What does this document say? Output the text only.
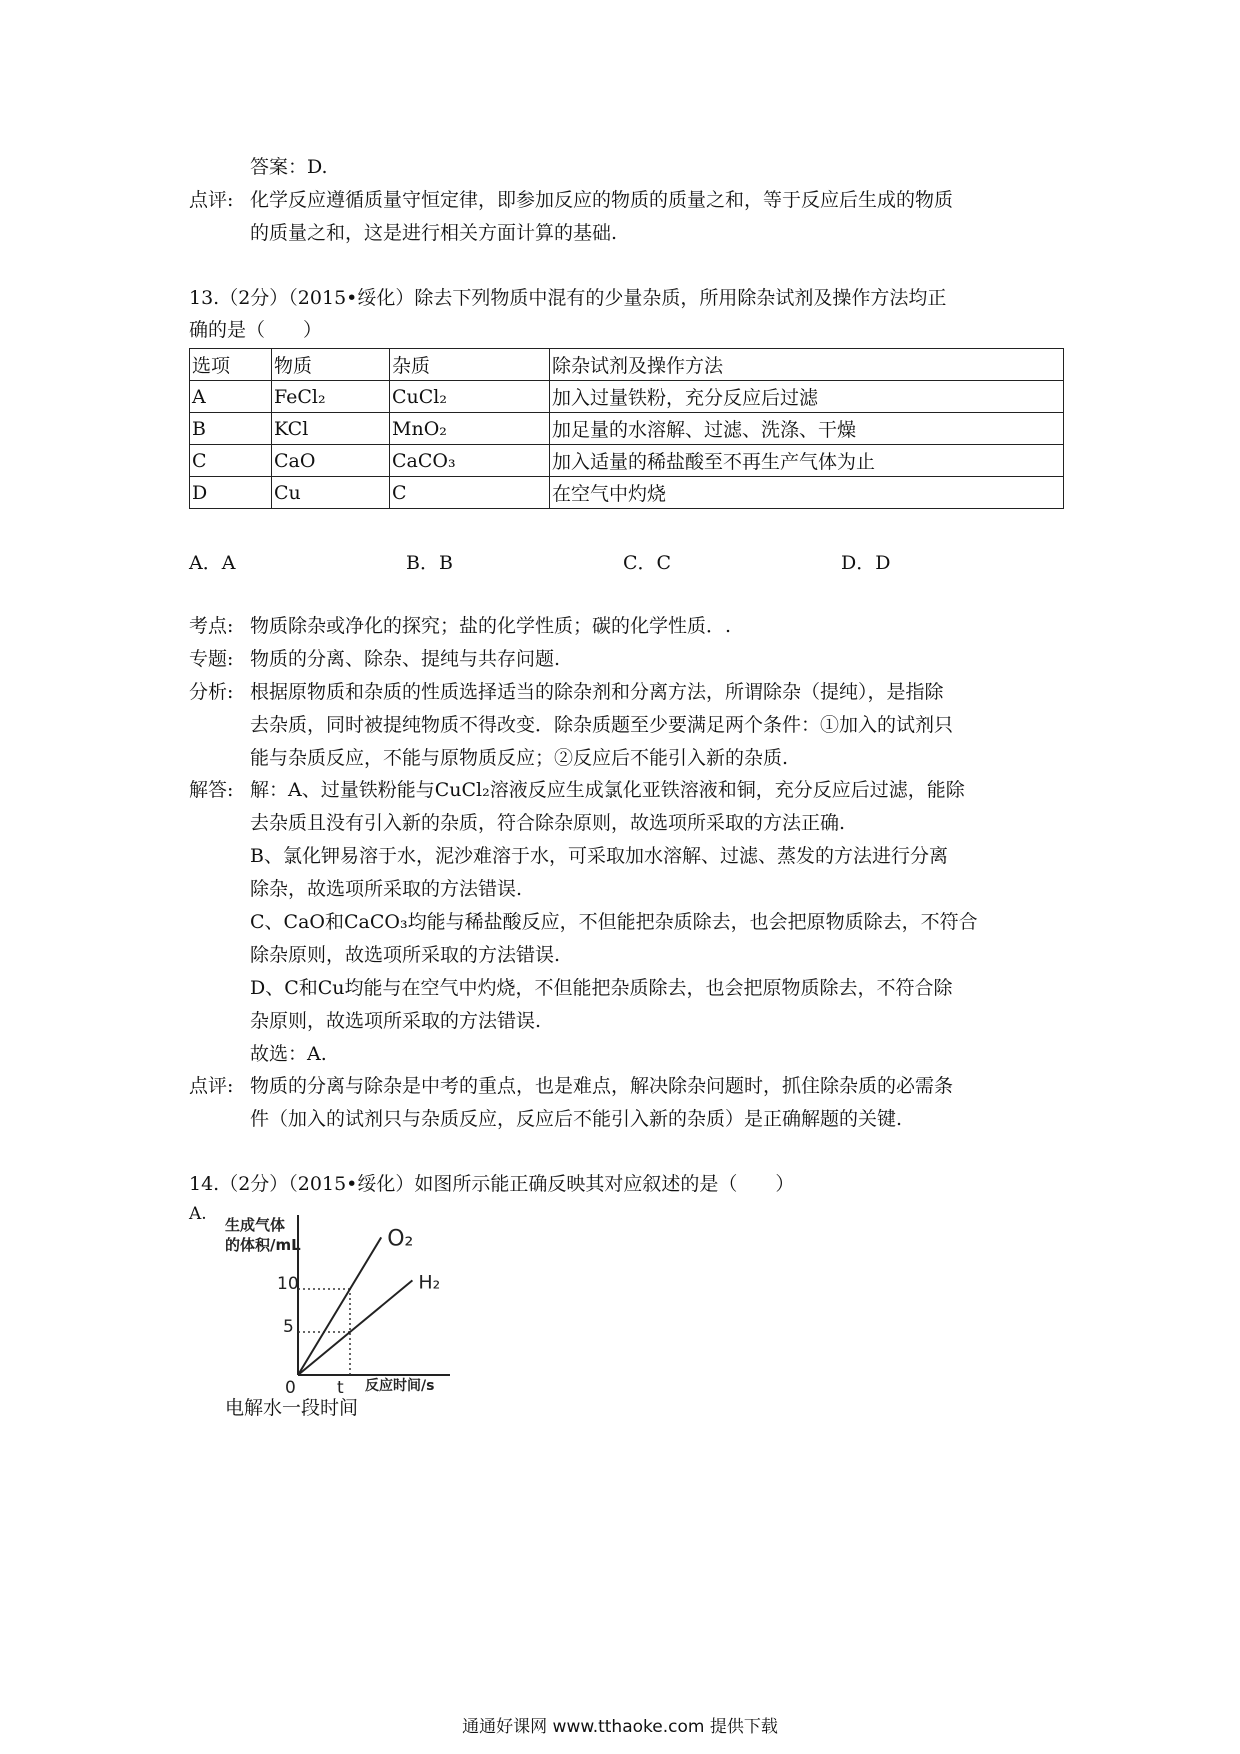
答案：D.
点评: 化学反应遵循质量守恒定律，即参加反应的物质的质量之和，等于反应后生成的物质
的质量之和，这是进行相关方面计算的基础.
13.（2分）（2015•绥化）除去下列物质中混有的少量杂质，所用除杂试剂及操作方法均正
确的是（　　）
选项	物质	杂质	除杂试剂及操作方法
A	FeCl₂	CuCl₂	加入过量铁粉，充分反应后过滤
B	KCl	MnO₂	加足量的水溶解、过滤、洗涤、干燥
C	CaO	CaCO₃	加入适量的稀盐酸至不再生产气体为止
D	Cu	C	在空气中灼烧
A．A	B．B	C．C	D．D
考点: 物质除杂或净化的探究；盐的化学性质；碳的化学性质．.
专题: 物质的分离、除杂、提纯与共存问题.
分析: 根据原物质和杂质的性质选择适当的除杂剂和分离方法，所谓除杂（提纯），是指除
去杂质，同时被提纯物质不得改变．除杂质题至少要满足两个条件：①加入的试剂只
能与杂质反应，不能与原物质反应；②反应后不能引入新的杂质.
解答: 解：A、过量铁粉能与CuCl₂溶液反应生成氯化亚铁溶液和铜，充分反应后过滤，能除
去杂质且没有引入新的杂质，符合除杂原则，故选项所采取的方法正确.
B、氯化钾易溶于水，泥沙难溶于水，可采取加水溶解、过滤、蒸发的方法进行分离
除杂，故选项所采取的方法错误.
C、CaO和CaCO₃均能与稀盐酸反应，不但能把杂质除去，也会把原物质除去，不符合
除杂原则，故选项所采取的方法错误.
D、C和Cu均能与在空气中灼烧，不但能把杂质除去，也会把原物质除去，不符合除
杂原则，故选项所采取的方法错误.
故选：A.
点评: 物质的分离与除杂是中考的重点，也是难点，解决除杂问题时，抓住除杂质的必需条
件（加入的试剂只与杂质反应，反应后不能引入新的杂质）是正确解题的关键.
14.（2分）（2015•绥化）如图所示能正确反映其对应叙述的是（　　）
A.
生成气体
的体积/mL	O₂
H₂
10
5
0 t 反应时间/s
电解水一段时间
通通好课网 www.tthaoke.com 提供下载
